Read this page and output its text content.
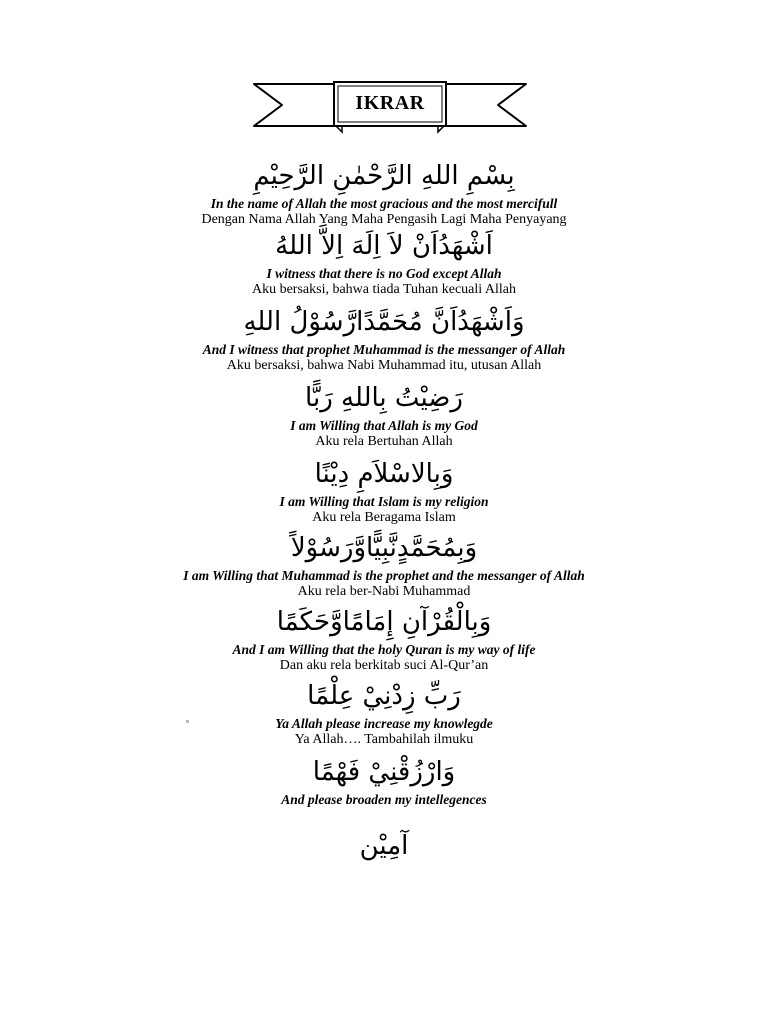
IKRAR
بِسْمِ اللهِ الرَّحْمٰنِ الرَّحِيْمِ
In the name of Allah the most gracious and the most mercifull
Dengan Nama Allah Yang Maha Pengasih Lagi Maha Penyayang
اَشْهَدُاَنْ لاَ اِلَهَ اِلاَّ اللهُ
I witness that there is no God except Allah
Aku bersaksi, bahwa tiada Tuhan kecuali Allah
وَاَشْهَدُاَنَّ مُحَمَّدًارَّسُوْلُ اللهِ
And I witness that prophet Muhammad is the messanger of Allah
Aku bersaksi, bahwa Nabi Muhammad itu, utusan Allah
رَضِيْتُ بِاللهِ رَبًّا
I am Willing that Allah is my God
Aku rela Bertuhan Allah
وَبِالاسْلاَمِ دِيْنًا
I am Willing that Islam is my religion
Aku rela Beragama Islam
وَبِمُحَمَّدٍنَّبِيًّاوَّرَسُوْلاً
I am Willing that Muhammad is the prophet and the messanger of Allah
Aku rela ber-Nabi Muhammad
وَبِالْقُرْآنِ إِمَامًاوَّحَكَمًا
And I am Willing that the holy Quran is my way of life
Dan aku rela berkitab suci Al-Qur’an
رَبِّ زِدْنِيْ عِلْمًا
Ya Allah please increase my knowlegde
Ya Allah…. Tambahilah ilmuku
وَارْزُقْنِيْ فَهْمًا
And please broaden my intellegences
آمِيْن
